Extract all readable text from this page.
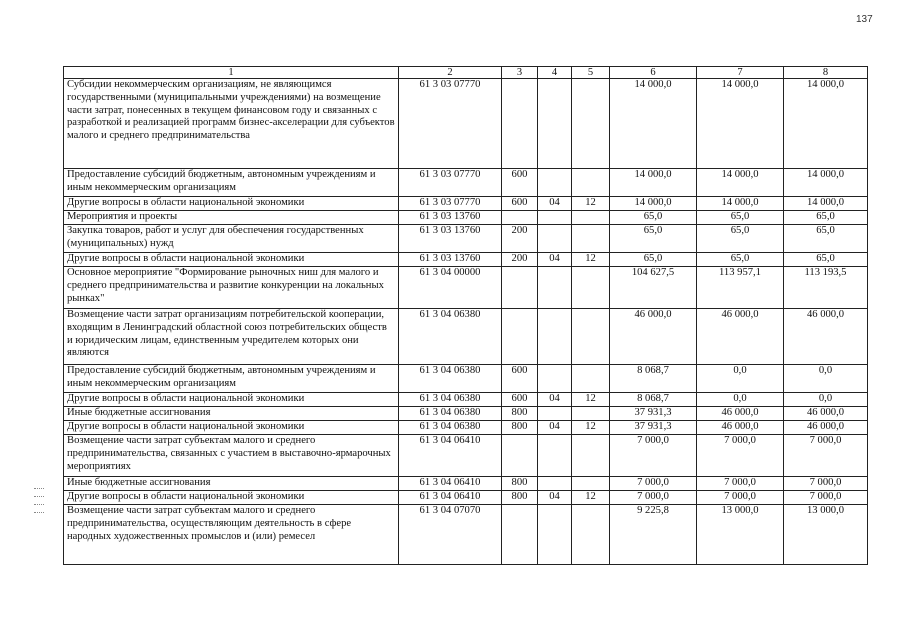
137
1	2	3	4	5	6	7	8
Субсидии некоммерческим организациям, не являющимся государственными (муниципальными учреждениями) на возмещение части затрат, понесенных в текущем финансовом году и связанных с разработкой и реализацией программ бизнес-акселерации для субъектов малого и среднего предпринимательства	61 3 03 07770				14 000,0	14 000,0	14 000,0
Предоставление субсидий бюджетным, автономным учреждениям и иным некоммерческим организациям	61 3 03 07770	600			14 000,0	14 000,0	14 000,0
Другие вопросы в области национальной экономики	61 3 03 07770	600	04	12	14 000,0	14 000,0	14 000,0
Мероприятия и проекты	61 3 03 13760				65,0	65,0	65,0
Закупка товаров, работ и услуг для обеспечения государственных (муниципальных) нужд	61 3 03 13760	200			65,0	65,0	65,0
Другие вопросы в области национальной экономики	61 3 03 13760	200	04	12	65,0	65,0	65,0
Основное мероприятие "Формирование рыночных ниш для малого и среднего предпринимательства и развитие конкуренции на локальных рынках"	61 3 04 00000				104 627,5	113 957,1	113 193,5
Возмещение части затрат организациям потребительской кооперации, входящим в Ленинградский областной союз потребительских обществ и юридическим лицам, единственным учредителем которых они являются	61 3 04 06380				46 000,0	46 000,0	46 000,0
Предоставление субсидий бюджетным, автономным учреждениям и иным некоммерческим организациям	61 3 04 06380	600			8 068,7	0,0	0,0
Другие вопросы в области национальной экономики	61 3 04 06380	600	04	12	8 068,7	0,0	0,0
Иные бюджетные ассигнования	61 3 04 06380	800			37 931,3	46 000,0	46 000,0
Другие вопросы в области национальной экономики	61 3 04 06380	800	04	12	37 931,3	46 000,0	46 000,0
Возмещение части затрат субъектам малого и среднего предпринимательства, связанных с участием в выставочно-ярмарочных мероприятиях	61 3 04 06410				7 000,0	7 000,0	7 000,0
Иные бюджетные ассигнования	61 3 04 06410	800			7 000,0	7 000,0	7 000,0
Другие вопросы в области национальной экономики	61 3 04 06410	800	04	12	7 000,0	7 000,0	7 000,0
Возмещение части затрат субъектам малого и среднего предпринимательства, осуществляющим деятельность в сфере народных художественных промыслов и (или) ремесел	61 3 04 07070				9 225,8	13 000,0	13 000,0
